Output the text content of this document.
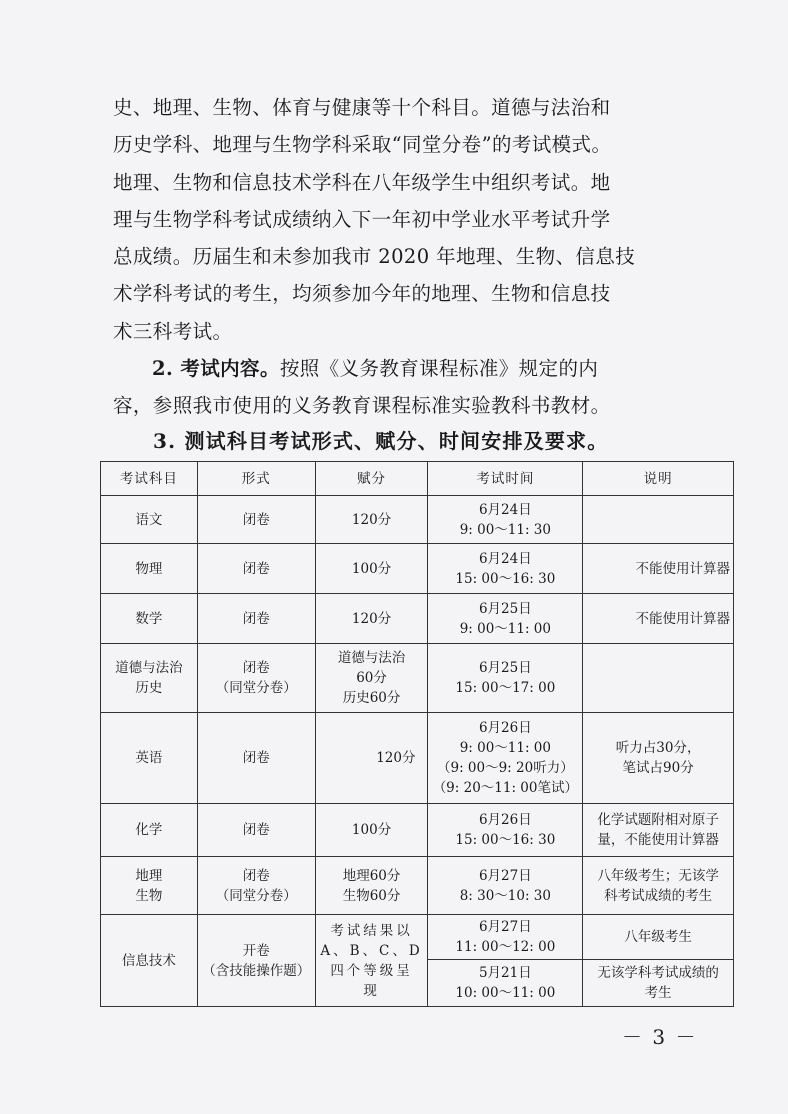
史、地理、生物、体育与健康等十个科目。道德与法治和

历史学科、地理与生物学科采取“同堂分卷”的考试模式。

地理、生物和信息技术学科在八年级学生中组织考试。地

理与生物学科考试成绩纳入下一年初中学业水平考试升学

总成绩。历届生和未参加我市 2020 年地理、生物、信息技

术学科考试的考生，均须参加今年的地理、生物和信息技

术三科考试。

2. 考试内容。按照《义务教育课程标准》规定的内

容，参照我市使用的义务教育课程标准实验教科书教材。

3. 测试科目考试形式、赋分、时间安排及要求。
考试科目	形式	赋分	考试时间	说明
语文	闭卷	120分	6月24日
9: 00～11: 30	

物理	闭卷	100分	6月24日
15: 00～16: 30	不能使用计算器
数学	闭卷	120分	6月25日
9: 00～11: 00	不能使用计算器

道德与法治
历史	闭卷
（同堂分卷）	道德与法治
60分
历史60分	6月25日
15: 00～17: 00	

英语	闭卷	120分	6月26日
9: 00～11: 00
（9: 00～9: 20听力）
（9: 20～11: 00笔试）	听力占30分，
笔试占90分

化学	闭卷	100分	6月26日
15: 00～16: 30	化学试题附相对原子
量，不能使用计算器

地理
生物	闭卷
（同堂分卷）	地理60分
生物60分	6月27日
8: 30～10: 30	八年级考生；无该学
科考试成绩的考生

信息技术	开卷
（含技能操作题）	考试结果以
A、B、C、D
四个等级呈
现	6月27日
11: 00～12: 00	八年级考生

			5月21日
10: 00～11: 00	无该学科考试成绩的
考生
－ 3 －
